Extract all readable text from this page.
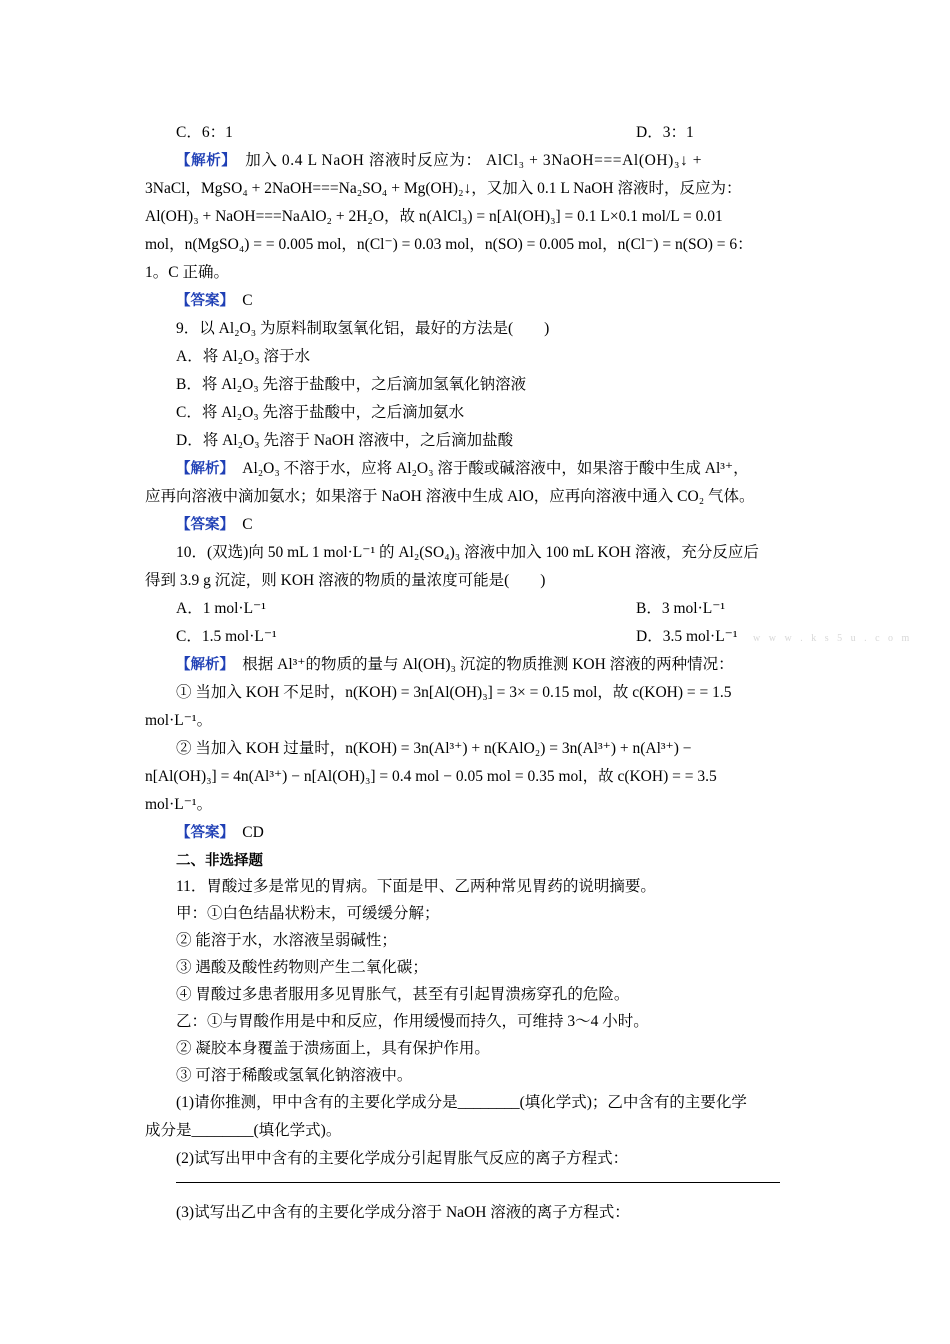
C．6：1	D．3：1
【解析】　加入 0.4 L NaOH 溶液时反应为： AlCl₃ + 3NaOH===Al(OH)₃↓ +
3NaCl，MgSO₄ + 2NaOH===Na₂SO₄ + Mg(OH)₂↓，又加入 0.1 L NaOH 溶液时，反应为：
Al(OH)₃ + NaOH===NaAlO₂ + 2H₂O，故 n(AlCl₃) = n[Al(OH)₃] = 0.1 L×0.1 mol/L = 0.01
mol，n(MgSO₄) = = 0.005 mol，n(Cl⁻) = 0.03 mol，n(SO) = 0.005 mol，n(Cl⁻) = n(SO) = 6：
1。C 正确。
【答案】　C
9．以 Al₂O₃ 为原料制取氢氧化铝，最好的方法是(　　)
A．将 Al₂O₃ 溶于水
B．将 Al₂O₃ 先溶于盐酸中，之后滴加氢氧化钠溶液
C．将 Al₂O₃ 先溶于盐酸中，之后滴加氨水
D．将 Al₂O₃ 先溶于 NaOH 溶液中，之后滴加盐酸
【解析】　Al₂O₃ 不溶于水，应将 Al₂O₃ 溶于酸或碱溶液中，如果溶于酸中生成 Al³⁺，
应再向溶液中滴加氨水；如果溶于 NaOH 溶液中生成 AlO，应再向溶液中通入 CO₂ 气体。
【答案】　C
10．(双选)向 50 mL 1 mol·L⁻¹ 的 Al₂(SO₄)₃ 溶液中加入 100 mL KOH 溶液，充分反应后
得到 3.9 g 沉淀，则 KOH 溶液的物质的量浓度可能是(　　)
A．1 mol·L⁻¹	B．3 mol·L⁻¹
C．1.5 mol·L⁻¹	D．3.5 mol·L⁻¹　 w w w . k s 5 u . c o m
【解析】　根据 Al³⁺的物质的量与 Al(OH)₃ 沉淀的物质推测 KOH 溶液的两种情况：
① 当加入 KOH 不足时，n(KOH) = 3n[Al(OH)₃] = 3× = 0.15 mol，故 c(KOH) = = 1.5
mol·L⁻¹。
② 当加入 KOH 过量时，n(KOH) = 3n(Al³⁺) + n(KAlO₂) = 3n(Al³⁺) + n(Al³⁺) −
n[Al(OH)₃] = 4n(Al³⁺) − n[Al(OH)₃] = 0.4 mol − 0.05 mol = 0.35 mol，故 c(KOH) = = 3.5
mol·L⁻¹。
【答案】　CD
二、非选择题
11．胃酸过多是常见的胃病。下面是甲、乙两种常见胃药的说明摘要。
甲：①白色结晶状粉末，可缓缓分解；
② 能溶于水，水溶液呈弱碱性；
③ 遇酸及酸性药物则产生二氧化碳；
④ 胃酸过多患者服用多见胃胀气，甚至有引起胃溃疡穿孔的危险。
乙：①与胃酸作用是中和反应，作用缓慢而持久，可维持 3～4 小时。
② 凝胶本身覆盖于溃疡面上，具有保护作用。
③ 可溶于稀酸或氢氧化钠溶液中。
(1)请你推测，甲中含有的主要化学成分是________(填化学式)；乙中含有的主要化学
成分是________(填化学式)。
(2)试写出甲中含有的主要化学成分引起胃胀气反应的离子方程式：
(3)试写出乙中含有的主要化学成分溶于 NaOH 溶液的离子方程式：
